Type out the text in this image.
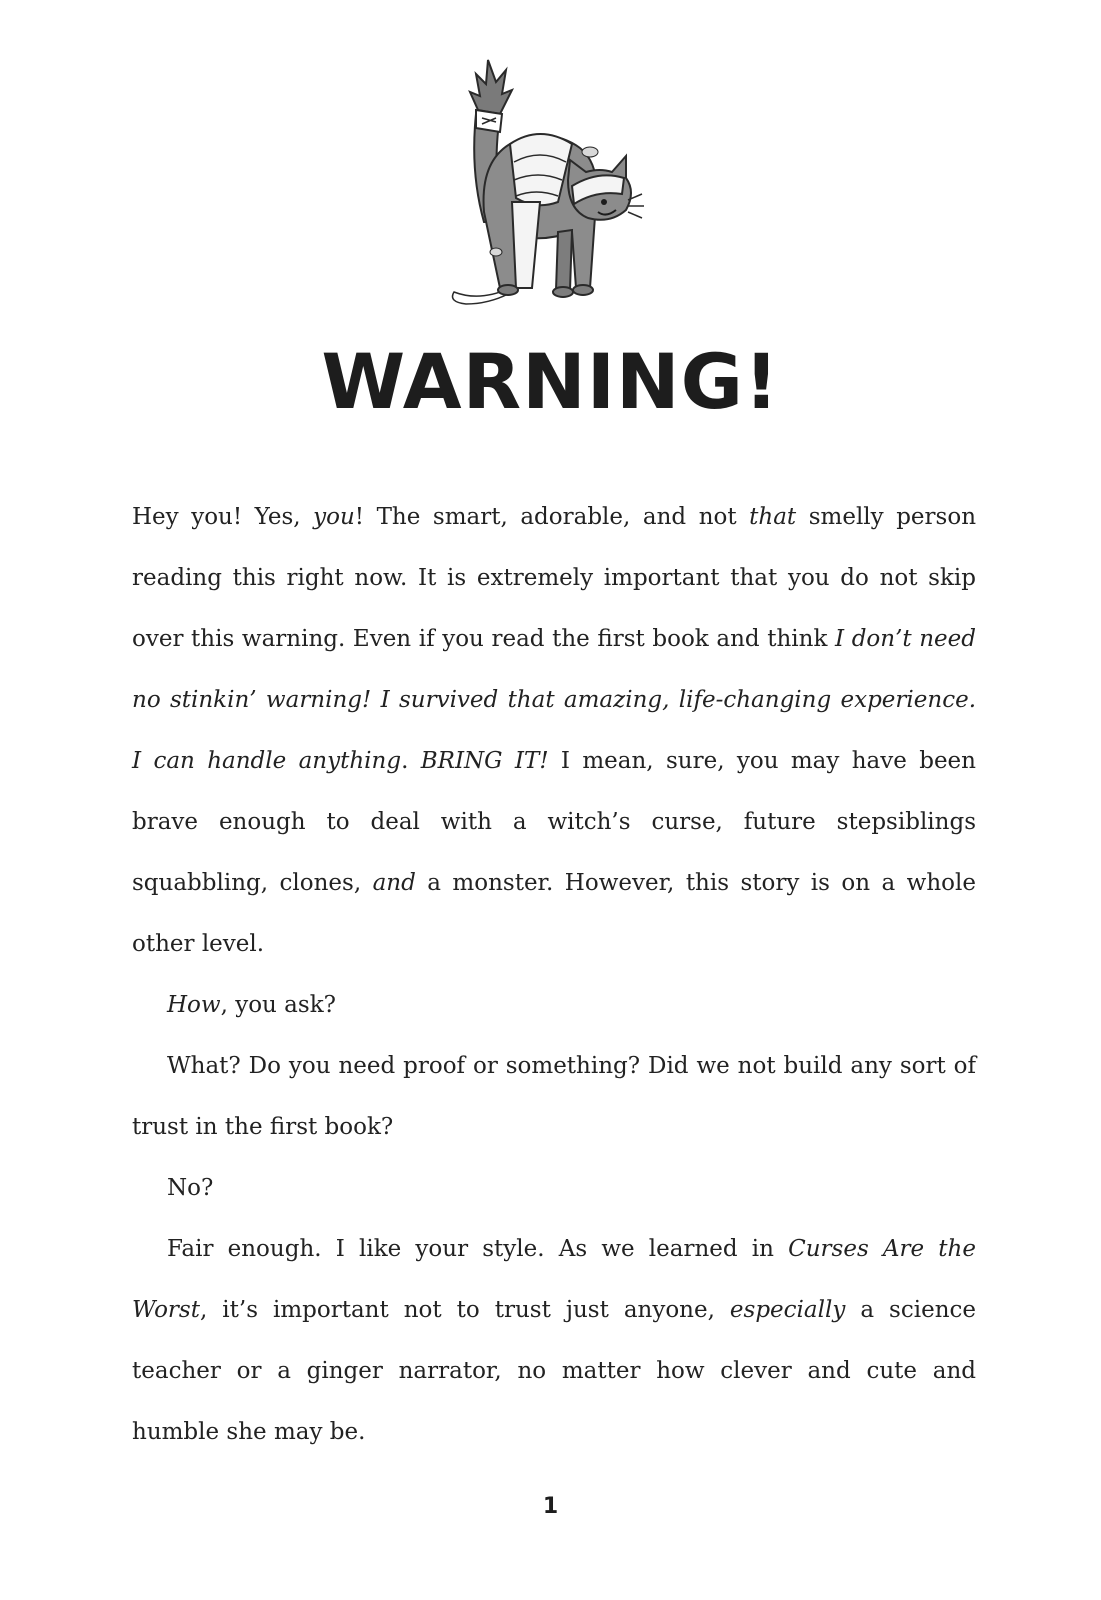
WARNING!

Hey you! Yes, you! The smart, adorable, and not that smelly person reading this right now. It is extremely important that you do not skip over this warning. Even if you read the first book and think I don’t need no stinkin’ warning! I survived that amazing, life-changing experience. I can handle anything. BRING IT! I mean, sure, you may have been brave enough to deal with a witch’s curse, future stepsiblings squabbling, clones, and a monster. However, this story is on a whole other level.

How, you ask?

What? Do you need proof or something? Did we not build any sort of trust in the first book?

No?

Fair enough. I like your style. As we learned in Curses Are the Worst, it’s important not to trust just anyone, especially a science teacher or a ginger narrator, no matter how clever and cute and humble she may be.

1
